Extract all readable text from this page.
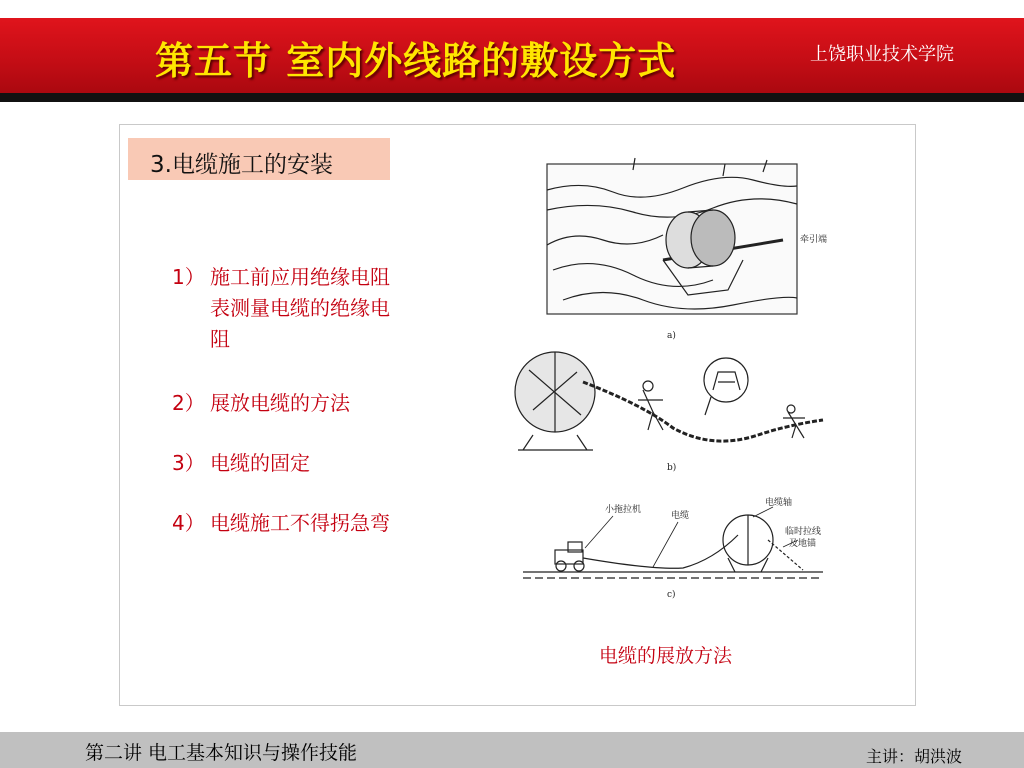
第五节 室内外线路的敷设方式	上饶职业技术学院
3.电缆施工的安装
1） 施工前应用绝缘电阻表测量电缆的绝缘电阻
2） 展放电缆的方法
3） 电缆的固定
4） 电缆施工不得拐急弯
牵引端
a)
b)
小拖拉机
电缆
电缆轴
临时拉线
及地锚
c)
电缆的展放方法
第二讲 电工基本知识与操作技能	主讲：胡洪波
